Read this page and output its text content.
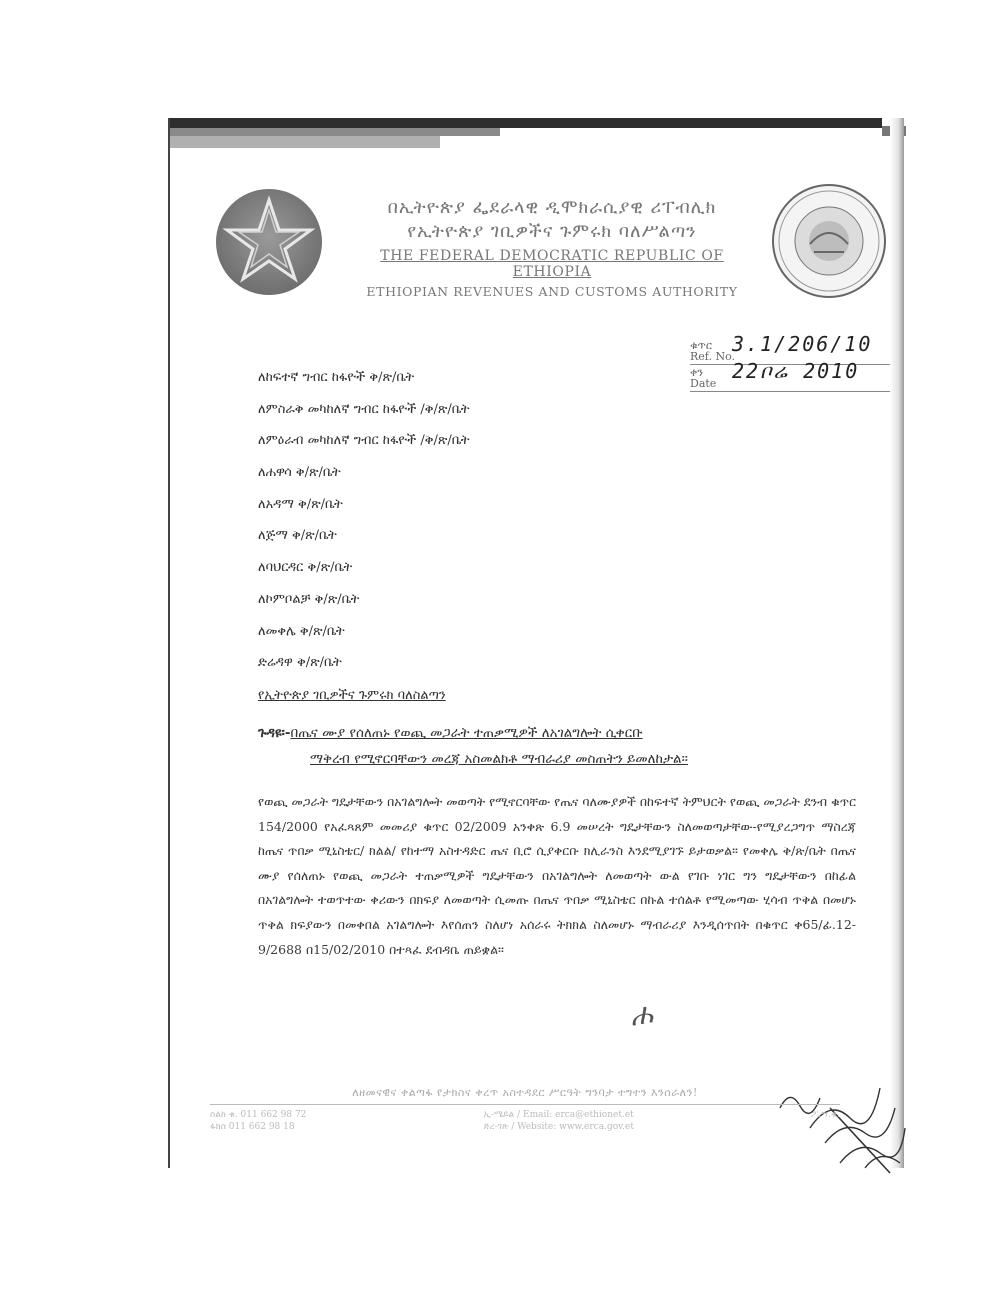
በኢትዮጵያ ፌደራላዊ ዲሞክራሲያዊ ሪፐብሊክ
የኢትዮጵያ ገቢዎችና ጉምሩክ ባለሥልጣን
THE FEDERAL DEMOCRATIC REPUBLIC OF ETHIOPIA
ETHIOPIAN REVENUES AND CUSTOMS AUTHORITY
ቁጥር
Ref. No.
3.1/206/10
ቀን
Date
22ቦሬ 2010
ለከፍተኛ ግብር ከፋዮች ቅ/ጽ/ቤት
ለምስራቅ መካከለኛ ግብር ከፋዮች /ቅ/ጽ/ቤት
ለምዕራብ መካከለኛ ግብር ከፋዮች /ቅ/ጽ/ቤት
ለሐዋሳ ቅ/ጽ/ቤት
ለአዳማ ቅ/ጽ/ቤት
ለጅማ ቅ/ጽ/ቤት
ለባህርዳር ቅ/ጽ/ቤት
ለኮምቦልቻ ቅ/ጽ/ቤት
ለመቀሌ ቅ/ጽ/ቤት
ድሬዳዋ ቅ/ጽ/ቤት
የኢትዮጵያ ገቢዎችና ጉምሩክ ባለስልጣን
ጉዳዩ፡-በጤና ሙያ የሰለጠኑ የወጪ መጋራት ተጠቃሚዎች ለአገልግሎት ሲቀርቡ
ማቅረብ የሚኖርባቸውን መረጃ አስመልክቶ ማብራሪያ መስጠትን ይመለከታል፡፡
የወጪ መጋራት ግዴታቸውን በአገልግሎት መወጣት የሚኖርባቸው የጤና ባለሙያዎች በከፍተኛ ትምህርት የወጪ መጋራት ደንብ ቁጥር 154/2000 የአፈጻጸም መመሪያ ቁጥር 02/2009 አንቀጽ 6.9 መሠረት ግዴታቸውን ስለመወጣታቸው-የሚያረጋግጥ ማስረጃ ከጤና ጥበቃ ሚኒስቴር/ ክልል/ የከተማ አስተዳድር ጤና ቢሮ ሲያቀርቡ ክሊራንስ እንደሚያገኙ ይታወቃል፡፡ የመቀሌ ቅ/ጽ/ቤት በጤና ሙያ የሰለጠኑ የወጪ መጋራት ተጠቃሚዎች ግዴታቸውን በአገልግሎት ለመወጣት ውል የገቡ ነገር ግን ግዴታቸውን በከፊል በአገልግሎት ተወጥተው ቀሪውን በክፍያ ለመወጣት ሲመጡ በጤና ጥበቃ ሚኒስቴር በኩል ተሰልቶ የሚመጣው ሂሳብ ጥቅል በመሆኑ ጥቅል ክፍያውን በመቀበል አገልግሎት እየሰጠን ስለሆነ አሰራሩ ትክክል ስለመሆኑ ማብራሪያ እንዲሰጥበት በቁጥር ቀ65/ፊ.12-9/2688 በ15/02/2010 በተጻፈ ደብዳቤ ጠይቋል፡፡
ሐ
ለዘመናዊና ቀልጣፋ የታክስና ቀረጥ አስተዳደር ሥርዓት ግንባታ ተግተን እንሰራለን!
ስልክ ቁ. 011 662 98 72
ፋክስ 011 662 98 18
ኢ-ሜይል / Email: erca@ethionet.et
ድረ-ገጽ / Website: www.erca.gov.et
ፖ.ሣ.ቁ.
